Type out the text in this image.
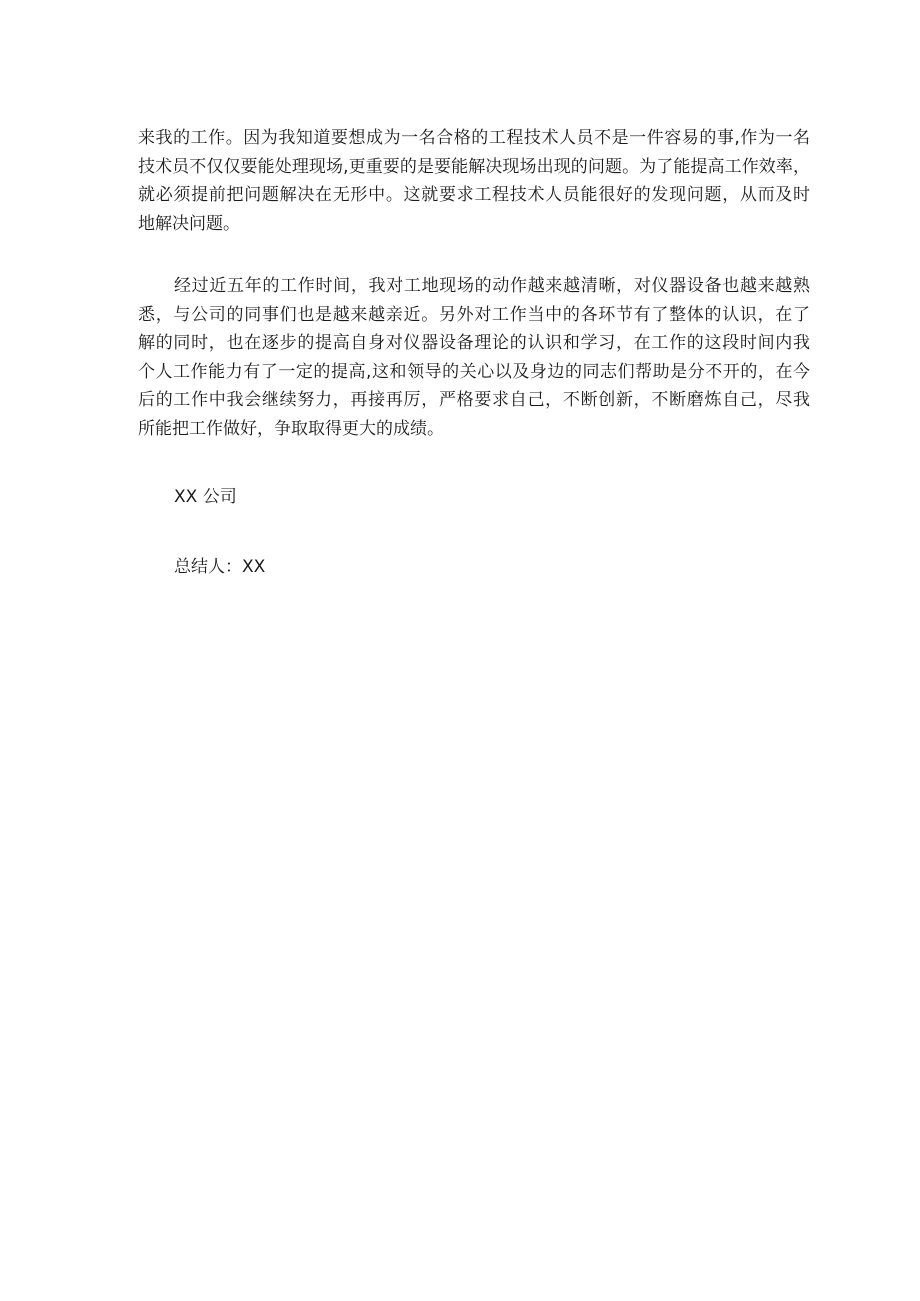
来我的工作。因为我知道要想成为一名合格的工程技术人员不是一件容易的事,作为一名
技术员不仅仅要能处理现场,更重要的是要能解决现场出现的问题。为了能提高工作效率，
就必须提前把问题解决在无形中。这就要求工程技术人员能很好的发现问题，从而及时
地解决问题。
经过近五年的工作时间，我对工地现场的动作越来越清晰，对仪器设备也越来越熟
悉，与公司的同事们也是越来越亲近。另外对工作当中的各环节有了整体的认识，在了
解的同时，也在逐步的提高自身对仪器设备理论的认识和学习，在工作的这段时间内我
个人工作能力有了一定的提高,这和领导的关心以及身边的同志们帮助是分不开的，在今
后的工作中我会继续努力，再接再厉，严格要求自己，不断创新，不断磨炼自己，尽我
所能把工作做好，争取取得更大的成绩。
XX 公司
总结人：XX
